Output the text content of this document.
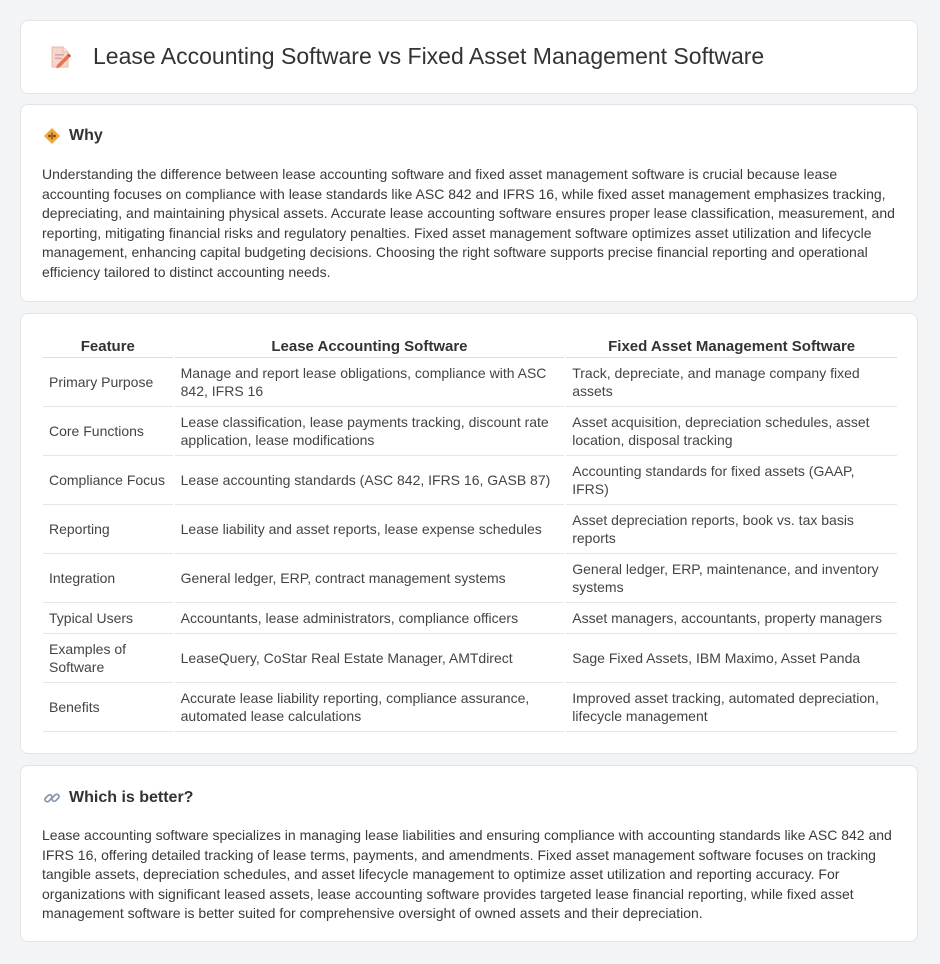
Lease Accounting Software vs Fixed Asset Management Software
Why

Understanding the difference between lease accounting software and fixed asset management software is crucial because lease accounting focuses on compliance with lease standards like ASC 842 and IFRS 16, while fixed asset management emphasizes tracking, depreciating, and maintaining physical assets. Accurate lease accounting software ensures proper lease classification, measurement, and reporting, mitigating financial risks and regulatory penalties. Fixed asset management software optimizes asset utilization and lifecycle management, enhancing capital budgeting decisions. Choosing the right software supports precise financial reporting and operational efficiency tailored to distinct accounting needs.

Feature	Lease Accounting Software	Fixed Asset Management Software
Primary Purpose	Manage and report lease obligations, compliance with ASC 842, IFRS 16	Track, depreciate, and manage company fixed assets
Core Functions	Lease classification, lease payments tracking, discount rate application, lease modifications	Asset acquisition, depreciation schedules, asset location, disposal tracking
Compliance Focus	Lease accounting standards (ASC 842, IFRS 16, GASB 87)	Accounting standards for fixed assets (GAAP, IFRS)
Reporting	Lease liability and asset reports, lease expense schedules	Asset depreciation reports, book vs. tax basis reports
Integration	General ledger, ERP, contract management systems	General ledger, ERP, maintenance, and inventory systems
Typical Users	Accountants, lease administrators, compliance officers	Asset managers, accountants, property managers
Examples of Software	LeaseQuery, CoStar Real Estate Manager, AMTdirect	Sage Fixed Assets, IBM Maximo, Asset Panda
Benefits	Accurate lease liability reporting, compliance assurance, automated lease calculations	Improved asset tracking, automated depreciation, lifecycle management
Which is better?

Lease accounting software specializes in managing lease liabilities and ensuring compliance with accounting standards like ASC 842 and IFRS 16, offering detailed tracking of lease terms, payments, and amendments. Fixed asset management software focuses on tracking tangible assets, depreciation schedules, and asset lifecycle management to optimize asset utilization and reporting accuracy. For organizations with significant leased assets, lease accounting software provides targeted lease financial reporting, while fixed asset management software is better suited for comprehensive oversight of owned assets and their depreciation.
